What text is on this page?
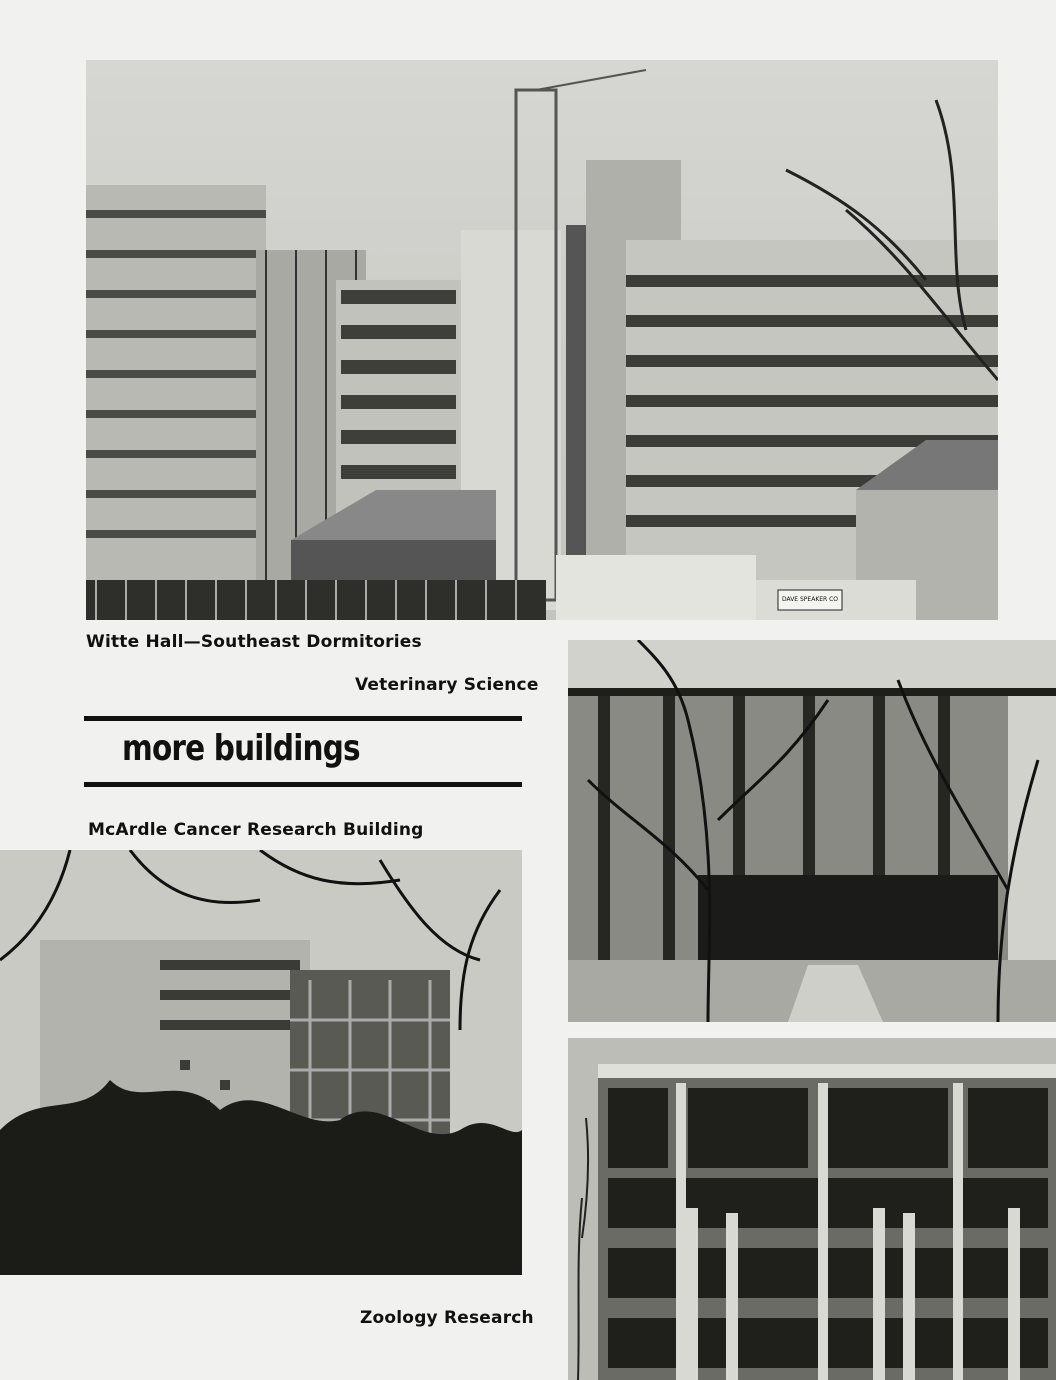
DAVE SPEAKER CO
Witte Hall—Southeast Dormitories
Veterinary Science
more buildings
McArdle Cancer Research Building
Zoology Research
